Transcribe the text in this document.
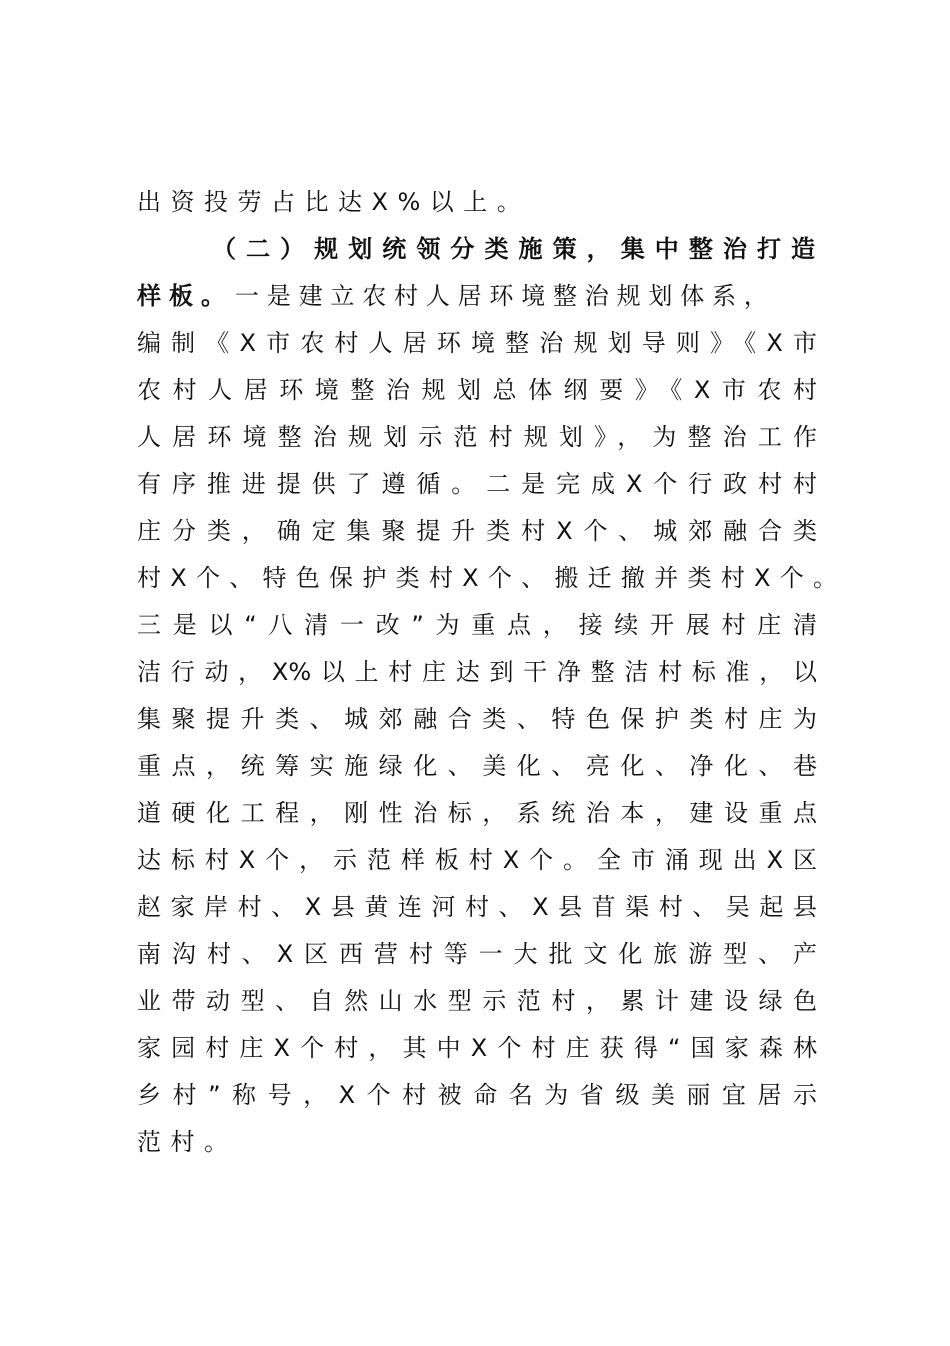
出资投劳占比达X%以上。
（二）规划统领分类施策，集中整治打造
样板。一是建立农村人居环境整治规划体系，
编制《X市农村人居环境整治规划导则》《X市
农村人居环境整治规划总体纲要》《X市农村
人居环境整治规划示范村规划》，为整治工作
有序推进提供了遵循。二是完成X个行政村村
庄分类，确定集聚提升类村X个、城郊融合类
村X个、特色保护类村X个、搬迁撤并类村X个。
三是以“八清一改”为重点，接续开展村庄清
洁行动，X%以上村庄达到干净整洁村标准，以
集聚提升类、城郊融合类、特色保护类村庄为
重点，统筹实施绿化、美化、亮化、净化、巷
道硬化工程，刚性治标，系统治本，建设重点
达标村X个，示范样板村X个。全市涌现出X区
赵家岸村、X县黄连河村、X县苜渠村、吴起县
南沟村、X区西营村等一大批文化旅游型、产
业带动型、自然山水型示范村，累计建设绿色
家园村庄X个村，其中X个村庄获得“国家森林
乡村”称号，X个村被命名为省级美丽宜居示
范村。
